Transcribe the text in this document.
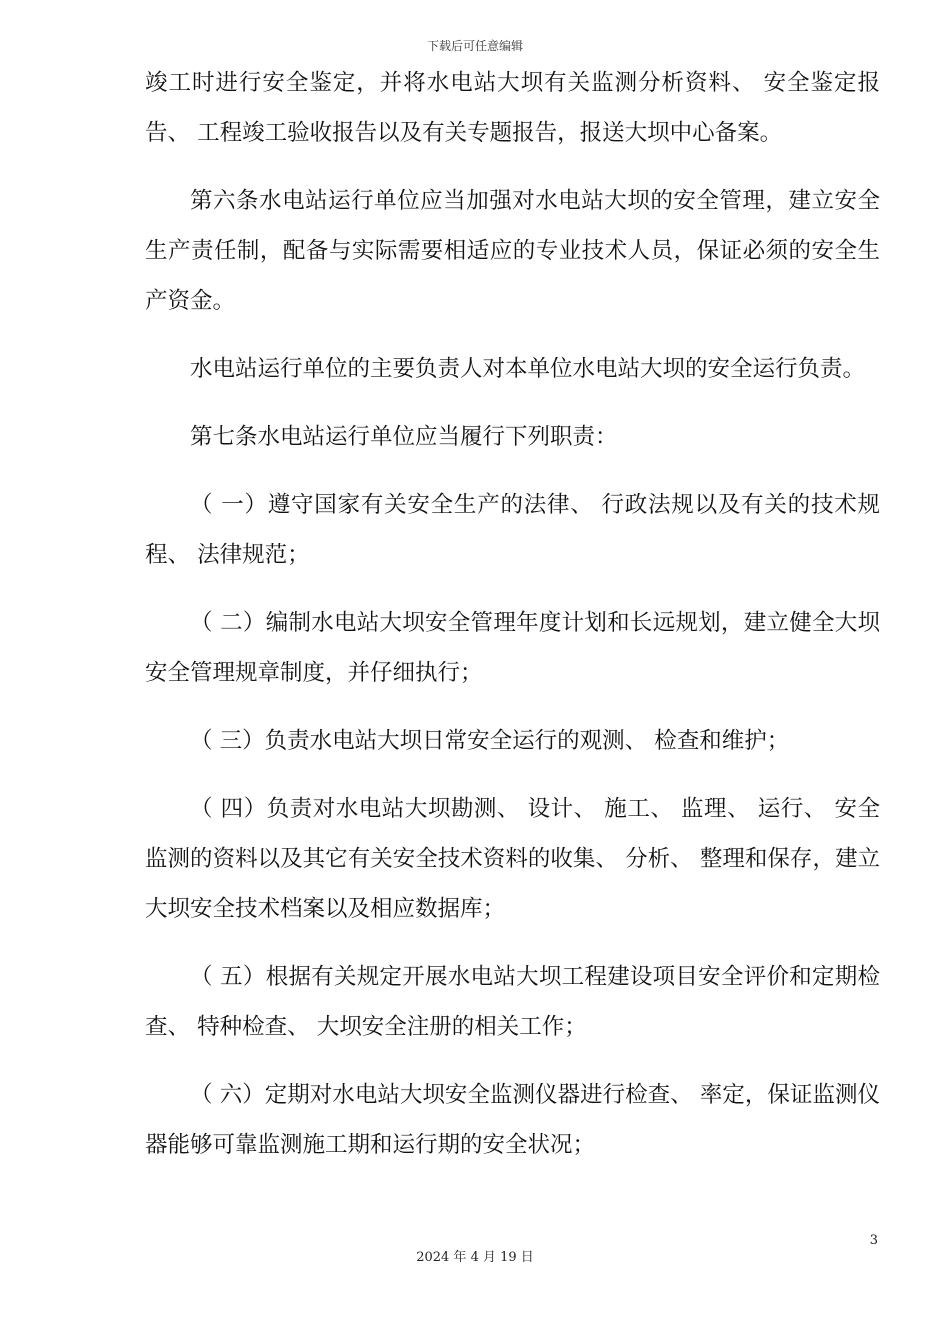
下载后可任意编辑

竣工时进行安全鉴定，并将水电站大坝有关监测分析资料、 安全鉴定报告、 工程竣工验收报告以及有关专题报告，报送大坝中心备案。

第六条水电站运行单位应当加强对水电站大坝的安全管理，建立安全生产责任制，配备与实际需要相适应的专业技术人员，保证必须的安全生产资金。

水电站运行单位的主要负责人对本单位水电站大坝的安全运行负责。

第七条水电站运行单位应当履行下列职责：

（ 一）遵守国家有关安全生产的法律、 行政法规以及有关的技术规程、 法律规范；

（ 二）编制水电站大坝安全管理年度计划和长远规划，建立健全大坝安全管理规章制度，并仔细执行；

（ 三）负责水电站大坝日常安全运行的观测、 检查和维护；

（ 四）负责对水电站大坝勘测、 设计、 施工、 监理、 运行、 安全监测的资料以及其它有关安全技术资料的收集、 分析、 整理和保存，建立大坝安全技术档案以及相应数据库；

（ 五）根据有关规定开展水电站大坝工程建设项目安全评价和定期检查、 特种检查、 大坝安全注册的相关工作；

（ 六）定期对水电站大坝安全监测仪器进行检查、 率定，保证监测仪器能够可靠监测施工期和运行期的安全状况；

3
2024 年 4 月 19 日
